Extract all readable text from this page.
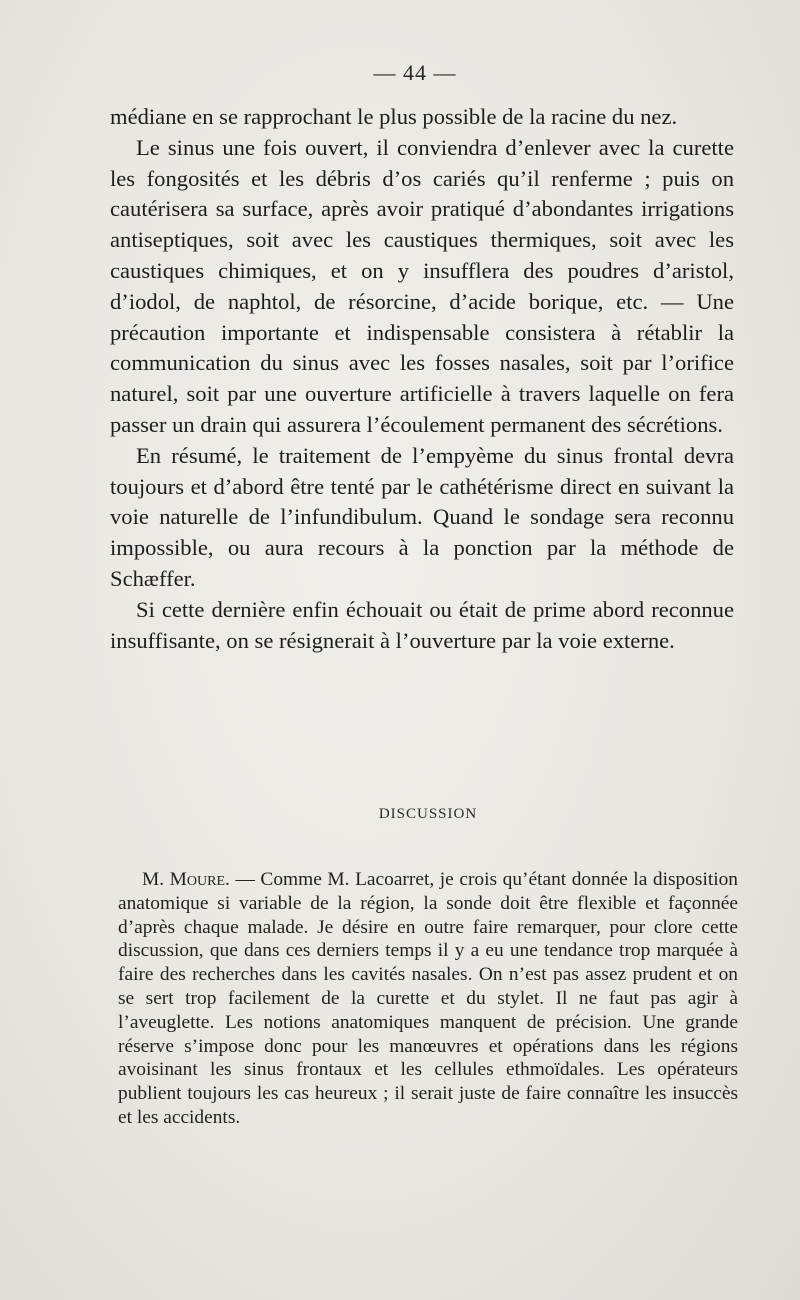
— 44 —

médiane en se rapprochant le plus possible de la racine du nez.

Le sinus une fois ouvert, il conviendra d’enlever avec la curette les fongosités et les débris d’os cariés qu’il renferme ; puis on cautérisera sa surface, après avoir pratiqué d’abondantes irrigations antiseptiques, soit avec les caustiques thermiques, soit avec les caustiques chimiques, et on y insufflera des poudres d’aristol, d’iodol, de naphtol, de résorcine, d’acide borique, etc. — Une précaution importante et indispensable consistera à rétablir la communication du sinus avec les fosses nasales, soit par l’orifice naturel, soit par une ouverture artificielle à travers laquelle on fera passer un drain qui assurera l’écoulement permanent des sécrétions.

En résumé, le traitement de l’empyème du sinus frontal devra toujours et d’abord être tenté par le cathétérisme direct en suivant la voie naturelle de l’infundibulum. Quand le sondage sera reconnu impossible, ou aura recours à la ponction par la méthode de Schæffer.

Si cette dernière enfin échouait ou était de prime abord reconnue insuffisante, on se résignerait à l’ouverture par la voie externe.

DISCUSSION

M. Moure. — Comme M. Lacoarret, je crois qu’étant donnée la disposition anatomique si variable de la région, la sonde doit être flexible et façonnée d’après chaque malade. Je désire en outre faire remarquer, pour clore cette discussion, que dans ces derniers temps il y a eu une tendance trop marquée à faire des recherches dans les cavités nasales. On n’est pas assez prudent et on se sert trop facilement de la curette et du stylet. Il ne faut pas agir à l’aveuglette. Les notions anatomiques manquent de précision. Une grande réserve s’impose donc pour les manœuvres et opérations dans les régions avoisinant les sinus frontaux et les cellules ethmoïdales. Les opérateurs publient toujours les cas heureux ; il serait juste de faire connaître les insuccès et les accidents.
